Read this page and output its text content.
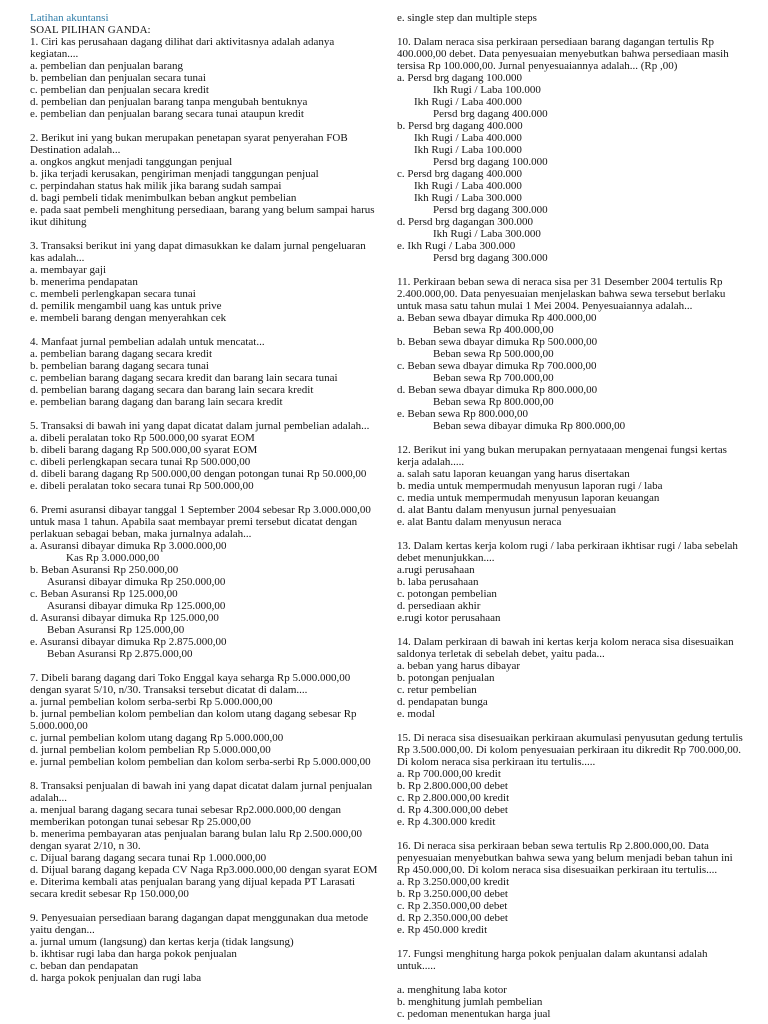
Latihan akuntansi
SOAL PILIHAN GANDA:
1. Ciri kas perusahaan dagang dilihat dari aktivitasnya adalah adanya kegiatan....
a. pembelian dan penjualan barang
b. pembelian dan penjualan secara tunai
c. pembelian dan penjualan secara kredit
d. pembelian dan penjualan barang tanpa mengubah bentuknya
e. pembelian dan penjualan barang secara tunai ataupun kredit
2. Berikut ini yang bukan merupakan penetapan syarat penyerahan FOB Destination adalah...
a. ongkos angkut menjadi tanggungan penjual
b. jika terjadi kerusakan, pengiriman menjadi tanggungan penjual
c. perpindahan status hak milik jika barang sudah sampai
d. bagi pembeli tidak menimbulkan beban angkut pembelian
e. pada saat pembeli menghitung persediaan, barang yang belum sampai harus ikut dihitung
3. Transaksi berikut ini yang dapat dimasukkan ke dalam jurnal pengeluaran kas adalah...
a. membayar gaji
b. menerima pendapatan
c. membeli perlengkapan secara tunai
d. pemilik mengambil uang kas untuk prive
e. membeli barang dengan menyerahkan cek
4. Manfaat jurnal pembelian adalah untuk mencatat...
a. pembelian barang dagang secara kredit
b. pembelian barang dagang secara tunai
c. pembelian barang dagang secara kredit dan barang lain secara tunai
d. pembelian barang dagang secara dan barang lain secara kredit
e. pembelian barang dagang dan barang lain secara kredit
5. Transaksi di bawah ini yang dapat dicatat dalam jurnal pembelian adalah...
a. dibeli peralatan toko Rp 500.000,00 syarat EOM
b. dibeli barang dagang Rp 500.000,00 syarat EOM
c. dibeli perlengkapan secara tunai Rp 500.000,00
d. dibeli barang dagang Rp 500.000,00 dengan potongan tunai Rp 50.000,00
e. dibeli peralatan toko secara tunai Rp 500.000,00
6. Premi asuransi dibayar tanggal 1 September 2004 sebesar Rp 3.000.000,00 untuk masa 1 tahun. Apabila saat membayar premi tersebut dicatat dengan perlakuan sebagai beban, maka jurnalnya adalah...
a. Asuransi dibayar dimuka Rp 3.000.000,00
Kas Rp 3.000.000,00
b. Beban Asuransi Rp 250.000,00
Asuransi dibayar dimuka Rp 250.000,00
c. Beban Asuransi Rp 125.000,00
Asuransi dibayar dimuka Rp 125.000,00
d. Asuransi dibayar dimuka Rp 125.000,00
Beban Asuransi Rp 125.000,00
e. Asuransi dibayar dimuka Rp 2.875.000,00
Beban Asuransi Rp 2.875.000,00
7. Dibeli barang dagang dari Toko Enggal kaya seharga Rp 5.000.000,00 dengan syarat 5/10, n/30. Transaksi tersebut dicatat di dalam....
a. jurnal pembelian kolom serba-serbi Rp 5.000.000,00
b. jurnal pembelian kolom pembelian dan kolom utang dagang sebesar Rp 5.000.000,00
c. jurnal pembelian kolom utang dagang Rp 5.000.000,00
d. jurnal pembelian kolom pembelian Rp 5.000.000,00
e. jurnal pembelian kolom pembelian dan kolom serba-serbi Rp 5.000.000,00
8. Transaksi penjualan di bawah ini yang dapat dicatat dalam jurnal penjualan adalah...
a. menjual barang dagang secara tunai sebesar Rp2.000.000,00 dengan memberikan potongan tunai sebesar Rp 25.000,00
b. menerima pembayaran atas penjualan barang bulan lalu Rp 2.500.000,00 dengan syarat 2/10, n 30.
c. Dijual barang dagang secara tunai Rp 1.000.000,00
d. Dijual barang dagang kepada CV Naga Rp3.000.000,00 dengan syarat EOM
e. Diterima kembali atas penjualan barang yang dijual kepada PT Larasati secara kredit sebesar Rp 150.000,00
9. Penyesuaian persediaan barang dagangan dapat menggunakan dua metode yaitu dengan...
a. jurnal umum (langsung) dan kertas kerja (tidak langsung)
b. ikhtisar rugi laba dan harga pokok penjualan
c. beban dan pendapatan
d. harga pokok penjualan dan rugi laba
e. single step dan multiple steps
10. Dalam neraca sisa perkiraan persediaan barang dagangan tertulis Rp 400.000,00 debet. Data penyesuaian menyebutkan bahwa persediaan masih tersisa Rp 100.000,00. Jurnal penyesuaiannya adalah... (Rp ,00)
a. Persd brg dagang 100.000
Ikh Rugi / Laba 100.000
Ikh Rugi / Laba 400.000
Persd brg dagang 400.000
b. Persd brg dagang 400.000
Ikh Rugi / Laba 400.000
Ikh Rugi / Laba 100.000
Persd brg dagang 100.000
c. Persd brg dagang 400.000
Ikh Rugi / Laba 400.000
Ikh Rugi / Laba 300.000
Persd brg dagang 300.000
d. Persd brg dagangan 300.000
Ikh Rugi / Laba 300.000
e. Ikh Rugi / Laba 300.000
Persd brg dagang 300.000
11. Perkiraan beban sewa di neraca sisa per 31 Desember 2004 tertulis Rp 2.400.000,00. Data penyesuaian menjelaskan bahwa sewa tersebut berlaku untuk masa satu tahun mulai 1 Mei 2004. Penyesuaiannya adalah...
a. Beban sewa dbayar dimuka Rp 400.000,00
Beban sewa Rp 400.000,00
b. Beban sewa dbayar dimuka Rp 500.000,00
Beban sewa Rp 500.000,00
c. Beban sewa dbayar dimuka Rp 700.000,00
Beban sewa Rp 700.000,00
d. Beban sewa dbayar dimuka Rp 800.000,00
Beban sewa Rp 800.000,00
e. Beban sewa Rp 800.000,00
Beban sewa dibayar dimuka Rp 800.000,00
12. Berikut ini yang bukan merupakan pernyataaan mengenai fungsi kertas kerja adalah.....
a. salah satu laporan keuangan yang harus disertakan
b. media untuk mempermudah menyusun laporan rugi / laba
c. media untuk mempermudah menyusun laporan keuangan
d. alat Bantu dalam menyusun jurnal penyesuaian
e. alat Bantu dalam menyusun neraca
13. Dalam kertas kerja kolom rugi / laba perkiraan ikhtisar rugi / laba sebelah debet menunjukkan....
a.rugi perusahaan
b. laba perusahaan
c. potongan pembelian
d. persediaan akhir
e.rugi kotor perusahaan
14. Dalam perkiraan di bawah ini kertas kerja kolom neraca sisa disesuaikan saldonya terletak di sebelah debet, yaitu pada...
a. beban yang harus dibayar
b. potongan penjualan
c. retur pembelian
d. pendapatan bunga
e. modal
15. Di neraca sisa disesuaikan perkiraan akumulasi penyusutan gedung tertulis Rp 3.500.000,00. Di kolom penyesuaian perkiraan itu dikredit Rp 700.000,00. Di kolom neraca sisa perkiraan itu tertulis.....
a. Rp 700.000,00 kredit
b. Rp 2.800.000,00 debet
c. Rp 2.800.000,00 kredit
d. Rp 4.300.000,00 debet
e. Rp 4.300.000 kredit
16. Di neraca sisa perkiraan beban sewa tertulis Rp 2.800.000,00. Data penyesuaian menyebutkan bahwa sewa yang belum menjadi beban tahun ini Rp 450.000,00. Di kolom neraca sisa disesuaikan perkiraan itu tertulis....
a. Rp 3.250.000,00 kredit
b. Rp 3.250.000,00 debet
c. Rp 2.350.000,00 debet
d. Rp 2.350.000,00 debet
e. Rp 450.000 kredit
17. Fungsi menghitung harga pokok penjualan dalam akuntansi adalah untuk.....
a. menghitung laba kotor
b. menghitung jumlah pembelian
c. pedoman menentukan harga jual
